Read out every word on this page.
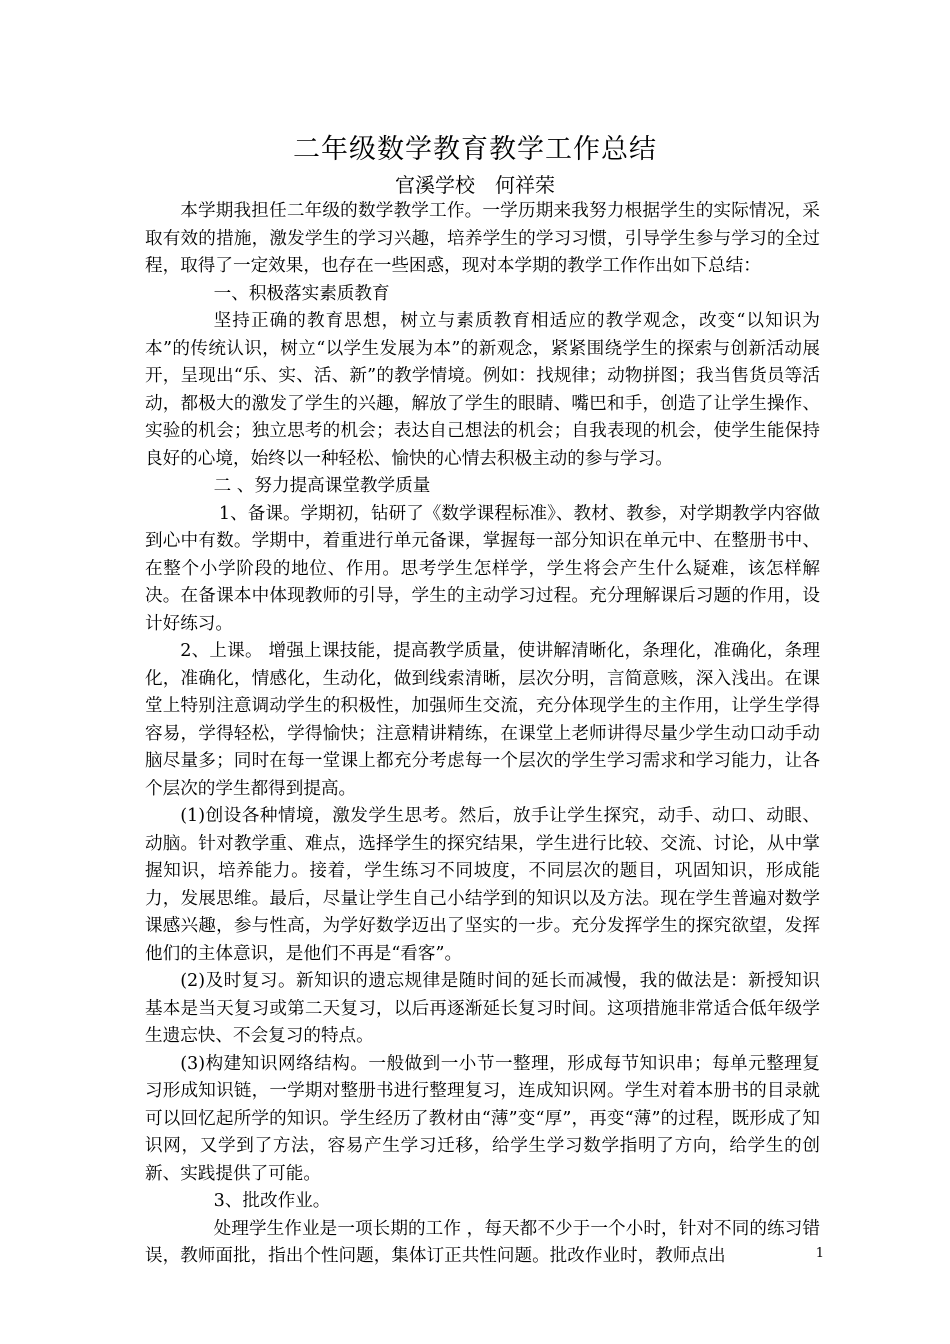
二年级数学教育教学工作总结
官溪学校　何祥荣

本学期我担任二年级的数学教学工作。一学历期来我努力根据学生的实际情况，采取有效的措施，激发学生的学习兴趣，培养学生的学习习惯，引导学生参与学习的全过程，取得了一定效果，也存在一些困惑，现对本学期的教学工作作出如下总结：

一、积极落实素质教育

坚持正确的教育思想，树立与素质教育相适应的教学观念，改变“以知识为本”的传统认识，树立“以学生发展为本”的新观念，紧紧围绕学生的探索与创新活动展开，呈现出“乐、实、活、新”的教学情境。例如：找规律；动物拼图；我当售货员等活动，都极大的激发了学生的兴趣，解放了学生的眼睛、嘴巴和手，创造了让学生操作、实验的机会；独立思考的机会；表达自己想法的机会；自我表现的机会，使学生能保持良好的心境，始终以一种轻松、愉快的心情去积极主动的参与学习。

二 、努力提高课堂教学质量

1、备课。学期初，钻研了《数学课程标准》、教材、教参，对学期教学内容做到心中有数。学期中，着重进行单元备课，掌握每一部分知识在单元中、在整册书中、在整个小学阶段的地位、作用。思考学生怎样学，学生将会产生什么疑难，该怎样解决。在备课本中体现教师的引导，学生的主动学习过程。充分理解课后习题的作用，设计好练习。

2、上课。 增强上课技能，提高教学质量，使讲解清晰化，条理化，准确化，条理化，准确化，情感化，生动化，做到线索清晰，层次分明，言简意赅，深入浅出。在课堂上特别注意调动学生的积极性，加强师生交流，充分体现学生的主作用，让学生学得容易，学得轻松，学得愉快；注意精讲精练，在课堂上老师讲得尽量少学生动口动手动脑尽量多；同时在每一堂课上都充分考虑每一个层次的学生学习需求和学习能力，让各个层次的学生都得到提高。

(1)创设各种情境，激发学生思考。然后，放手让学生探究，动手、动口、动眼、动脑。针对教学重、难点，选择学生的探究结果，学生进行比较、交流、讨论，从中掌握知识，培养能力。接着，学生练习不同坡度，不同层次的题目，巩固知识，形成能力，发展思维。最后，尽量让学生自己小结学到的知识以及方法。现在学生普遍对数学课感兴趣，参与性高，为学好数学迈出了坚实的一步。充分发挥学生的探究欲望，发挥他们的主体意识，是他们不再是“看客”。

(2)及时复习。新知识的遗忘规律是随时间的延长而减慢，我的做法是：新授知识基本是当天复习或第二天复习，以后再逐渐延长复习时间。这项措施非常适合低年级学生遗忘快、不会复习的特点。

(3)构建知识网络结构。一般做到一小节一整理，形成每节知识串；每单元整理复习形成知识链，一学期对整册书进行整理复习，连成知识网。学生对着本册书的目录就可以回忆起所学的知识。学生经历了教材由“薄”变“厚”，再变“薄”的过程，既形成了知识网，又学到了方法，容易产生学习迁移，给学生学习数学指明了方向，给学生的创新、实践提供了可能。

3、批改作业。

处理学生作业是一项长期的工作 ，每天都不少于一个小时，针对不同的练习错误，教师面批，指出个性问题，集体订正共性问题。批改作业时，教师点出	1
